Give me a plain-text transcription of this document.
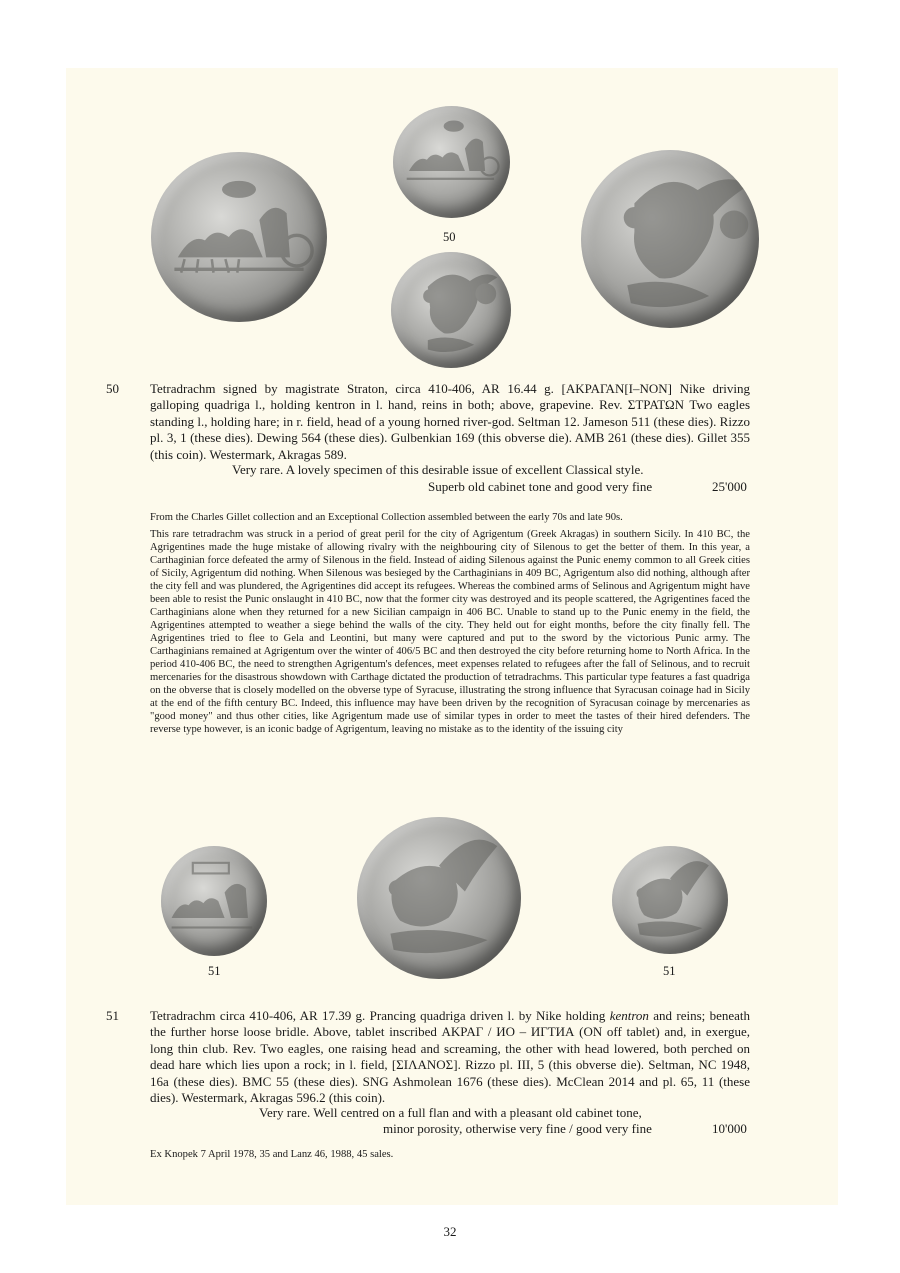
50
50 Tetradrachm signed by magistrate Straton, circa 410-406, AR 16.44 g. [ΑΚΡΑΓΑΝ[Ι–ΝΟΝ] Nike driving galloping quadriga l., holding kentron in l. hand, reins in both; above, grapevine. Rev. ΣΤΡΑΤΩΝ Two eagles standing l., holding hare; in r. field, head of a young horned river-god. Seltman 12. Jameson 511 (these dies). Rizzo pl. 3, 1 (these dies). Dewing 564 (these dies). Gulbenkian 169 (this obverse die). AMB 261 (these dies). Gillet 355 (this coin). Westermark, Akragas 589.

Very rare. A lovely specimen of this desirable issue of excellent Classical style.
Superb old cabinet tone and good very fine	25'000
From the Charles Gillet collection and an Exceptional Collection assembled between the early 70s and late 90s.

This rare tetradrachm was struck in a period of great peril for the city of Agrigentum (Greek Akragas) in southern Sicily. In 410 BC, the Agrigentines made the huge mistake of allowing rivalry with the neighbouring city of Silenous to get the better of them. In this year, a Carthaginian force defeated the army of Silenous in the field. Instead of aiding Silenous against the Punic enemy common to all Greek cities of Sicily, Agrigentum did nothing. When Silenous was besieged by the Carthaginians in 409 BC, Agrigentum also did nothing, although after the city fell and was plundered, the Agrigentines did accept its refugees. Whereas the combined arms of Selinous and Agrigentum might have been able to resist the Punic onslaught in 410 BC, now that the former city was destroyed and its people scattered, the Agrigentines faced the Carthaginians alone when they returned for a new Sicilian campaign in 406 BC. Unable to stand up to the Punic enemy in the field, the Agrigentines attempted to weather a siege behind the walls of the city. They held out for eight months, before the city finally fell. The Agrigentines tried to flee to Gela and Leontini, but many were captured and put to the sword by the victorious Punic army. The Carthaginians remained at Agrigentum over the winter of 406/5 BC and then destroyed the city before returning home to North Africa. In the period 410-406 BC, the need to strengthen Agrigentum's defences, meet expenses related to refugees after the fall of Selinous, and to recruit mercenaries for the disastrous showdown with Carthage dictated the production of tetradrachms. This particular type features a fast quadriga on the obverse that is closely modelled on the obverse type of Syracuse, illustrating the strong influence that Syracusan coinage had in Sicily at the end of the fifth century BC. Indeed, this influence may have been driven by the recognition of Syracusan coinage by mercenaries as "good money" and thus other cities, like Agrigentum made use of similar types in order to meet the tastes of their hired defenders. The reverse type however, is an iconic badge of Agrigentum, leaving no mistake as to the identity of the issuing city

51	51
51 Tetradrachm circa 410-406, AR 17.39 g. Prancing quadriga driven l. by Nike holding kentron and reins; beneath the further horse loose bridle. Above, tablet inscribed ΑΚΡΑΓ / ИО – ИГТИА (ON off tablet) and, in exergue, long thin club. Rev. Two eagles, one raising head and screaming, the other with head lowered, both perched on dead hare which lies upon a rock; in l. field, [ΣΙΛΑΝΟΣ]. Rizzo pl. III, 5 (this obverse die). Seltman, NC 1948, 16a (these dies). BMC 55 (these dies). SNG Ashmolean 1676 (these dies). McClean 2014 and pl. 65, 11 (these dies). Westermark, Akragas 596.2 (this coin).

Very rare. Well centred on a full flan and with a pleasant old cabinet tone,
minor porosity, otherwise very fine / good very fine	10'000
Ex Knopek 7 April 1978, 35 and Lanz 46, 1988, 45 sales.
32
